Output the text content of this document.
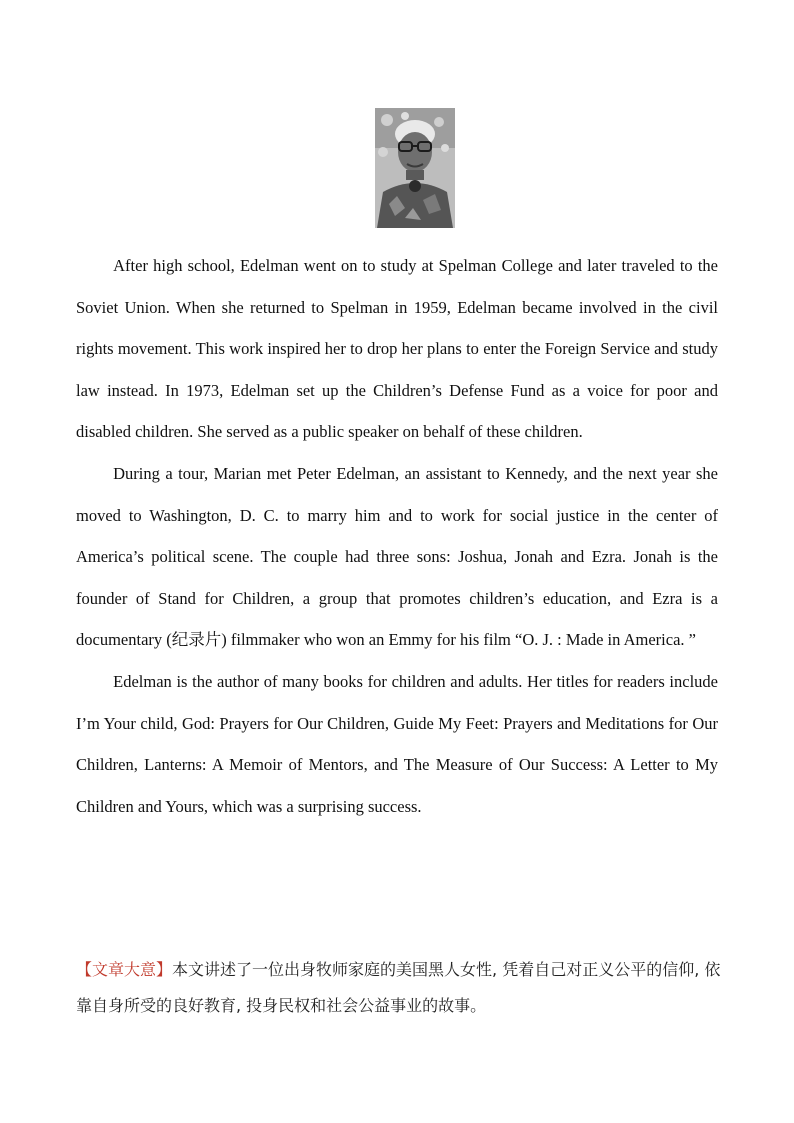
After high school, Edelman went on to study at Spelman College and later traveled to the Soviet Union. When she returned to Spelman in 1959, Edelman became involved in the civil rights movement. This work inspired her to drop her plans to enter the Foreign Service and study law instead. In 1973, Edelman set up the Children’s Defense Fund as a voice for poor and disabled children. She served as a public speaker on behalf of these children.

During a tour, Marian met Peter Edelman, an assistant to Kennedy, and the next year she moved to Washington, D. C. to marry him and to work for social justice in the center of America’s political scene. The couple had three sons: Joshua, Jonah and Ezra. Jonah is the founder of Stand for Children, a group that promotes children’s education, and Ezra is a documentary (纪录片) filmmaker who won an Emmy for his film “O. J. : Made in America. ”

Edelman is the author of many books for children and adults. Her titles for readers include I’m Your child, God: Prayers for Our Children, Guide My Feet: Prayers and Meditations for Our Children, Lanterns: A Memoir of Mentors, and The Measure of Our Success: A Letter to My Children and Yours, which was a surprising success.

【文章大意】本文讲述了一位出身牧师家庭的美国黑人女性, 凭着自己对正义公平的信仰, 依靠自身所受的良好教育, 投身民权和社会公益事业的故事。
